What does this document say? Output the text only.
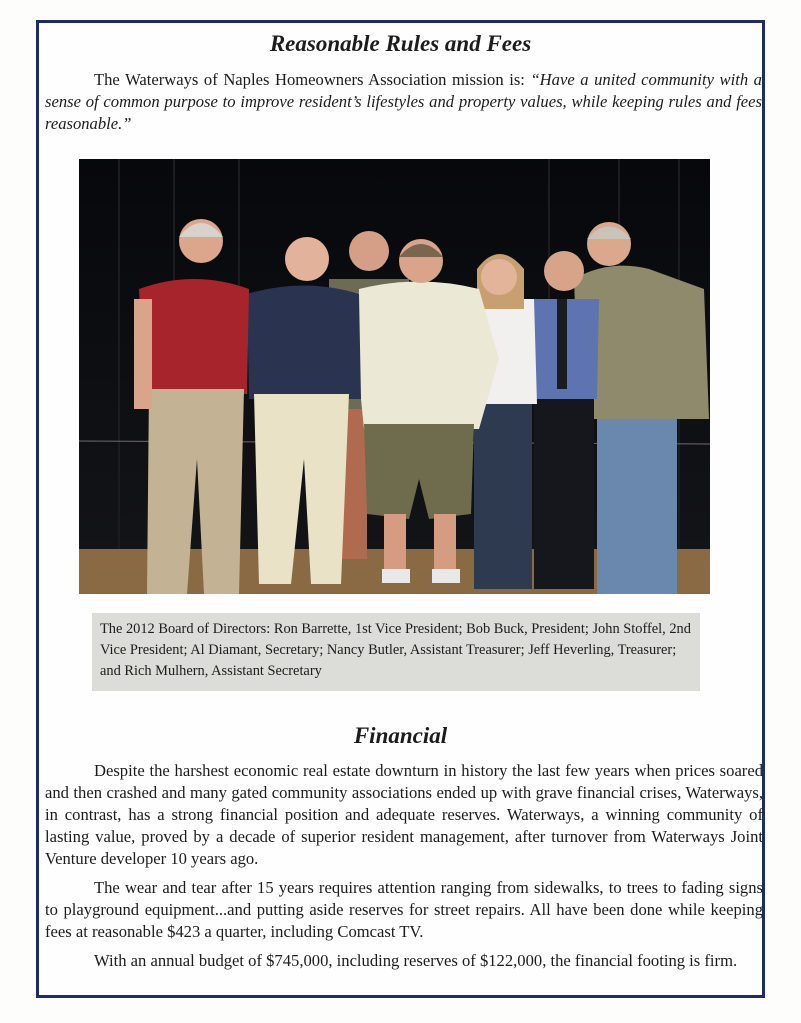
Reasonable Rules and Fees

The Waterways of Naples Homeowners Association mission is: “Have a united community with a sense of common purpose to improve resident’s lifestyles and property values, while keeping rules and fees reasonable.”

The 2012 Board of Directors: Ron Barrette, 1st Vice President; Bob Buck, President; John Stoffel, 2nd Vice President; Al Diamant, Secretary; Nancy Butler, Assistant Treasurer; Jeff Heverling, Treasurer; and Rich Mulhern, Assistant Secretary

Financial

Despite the harshest economic real estate downturn in history the last few years when prices soared and then crashed and many gated community associations ended up with grave financial crises, Waterways, in contrast, has a strong financial position and adequate reserves. Waterways, a winning community of lasting value, proved by a decade of superior resident management, after turnover from Waterways Joint Venture developer 10 years ago.

The wear and tear after 15 years requires attention ranging from sidewalks, to trees to fading signs to playground equipment...and putting aside reserves for street repairs. All have been done while keeping fees at reasonable $423 a quarter, including Comcast TV.

With an annual budget of $745,000, including reserves of $122,000, the financial footing is firm.
